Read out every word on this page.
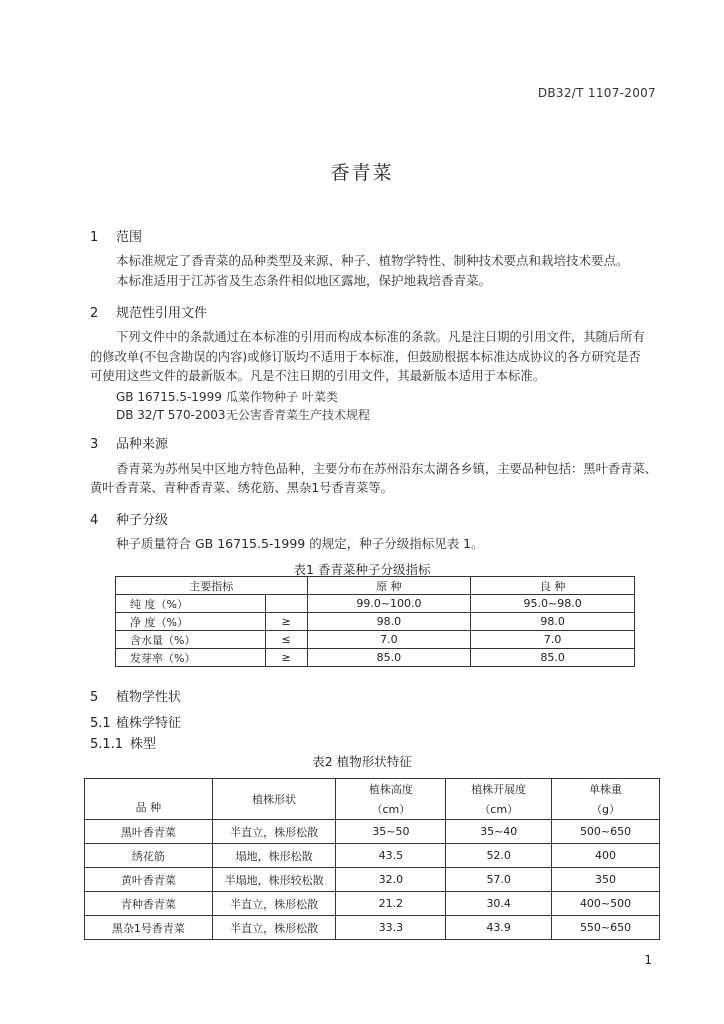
DB32/T 1107-2007
香青菜
1 范围
本标准规定了香青菜的品种类型及来源、种子、植物学特性、制种技术要点和栽培技术要点。
本标准适用于江苏省及生态条件相似地区露地，保护地栽培香青菜。
2 规范性引用文件
下列文件中的条款通过在本标准的引用而构成本标准的条款。凡是注日期的引用文件，其随后所有
的修改单(不包含勘误的内容)或修订版均不适用于本标准，但鼓励根据本标准达成协议的各方研究是否
可使用这些文件的最新版本。凡是不注日期的引用文件，其最新版本适用于本标准。
GB 16715.5-1999 瓜菜作物种子 叶菜类
DB 32/T 570-2003无公害香青菜生产技术规程
3 品种来源
香青菜为苏州吴中区地方特色品种，主要分布在苏州沿东太湖各乡镇，主要品种包括：黑叶香青菜、
黄叶香青菜、青种香青菜、绣花筋、黑杂1号香青菜等。
4 种子分级
种子质量符合 GB 16715.5-1999 的规定，种子分级指标见表 1。
表1 香青菜种子分级指标
主要指标		原 种	良 种
纯 度（%）		99.0~100.0	95.0~98.0
净 度（%）	≥	98.0	98.0
含水量（%）	≤	7.0	7.0
发芽率（%）	≥	85.0	85.0
5 植物学性状
5.1 植株学特征
5.1.1 株型
表2 植物形状特征
品 种	植株形状	植株高度	植株开展度	单株重
		（cm）	（cm）	（g）
黑叶香青菜	半直立，株形松散	35~50	35~40	500~650
绣花筋	塌地，株形松散	43.5	52.0	400
黄叶香青菜	半塌地，株形较松散	32.0	57.0	350
青种香青菜	半直立，株形松散	21.2	30.4	400~500
黑杂1号香青菜	半直立，株形松散	33.3	43.9	550~650
1
